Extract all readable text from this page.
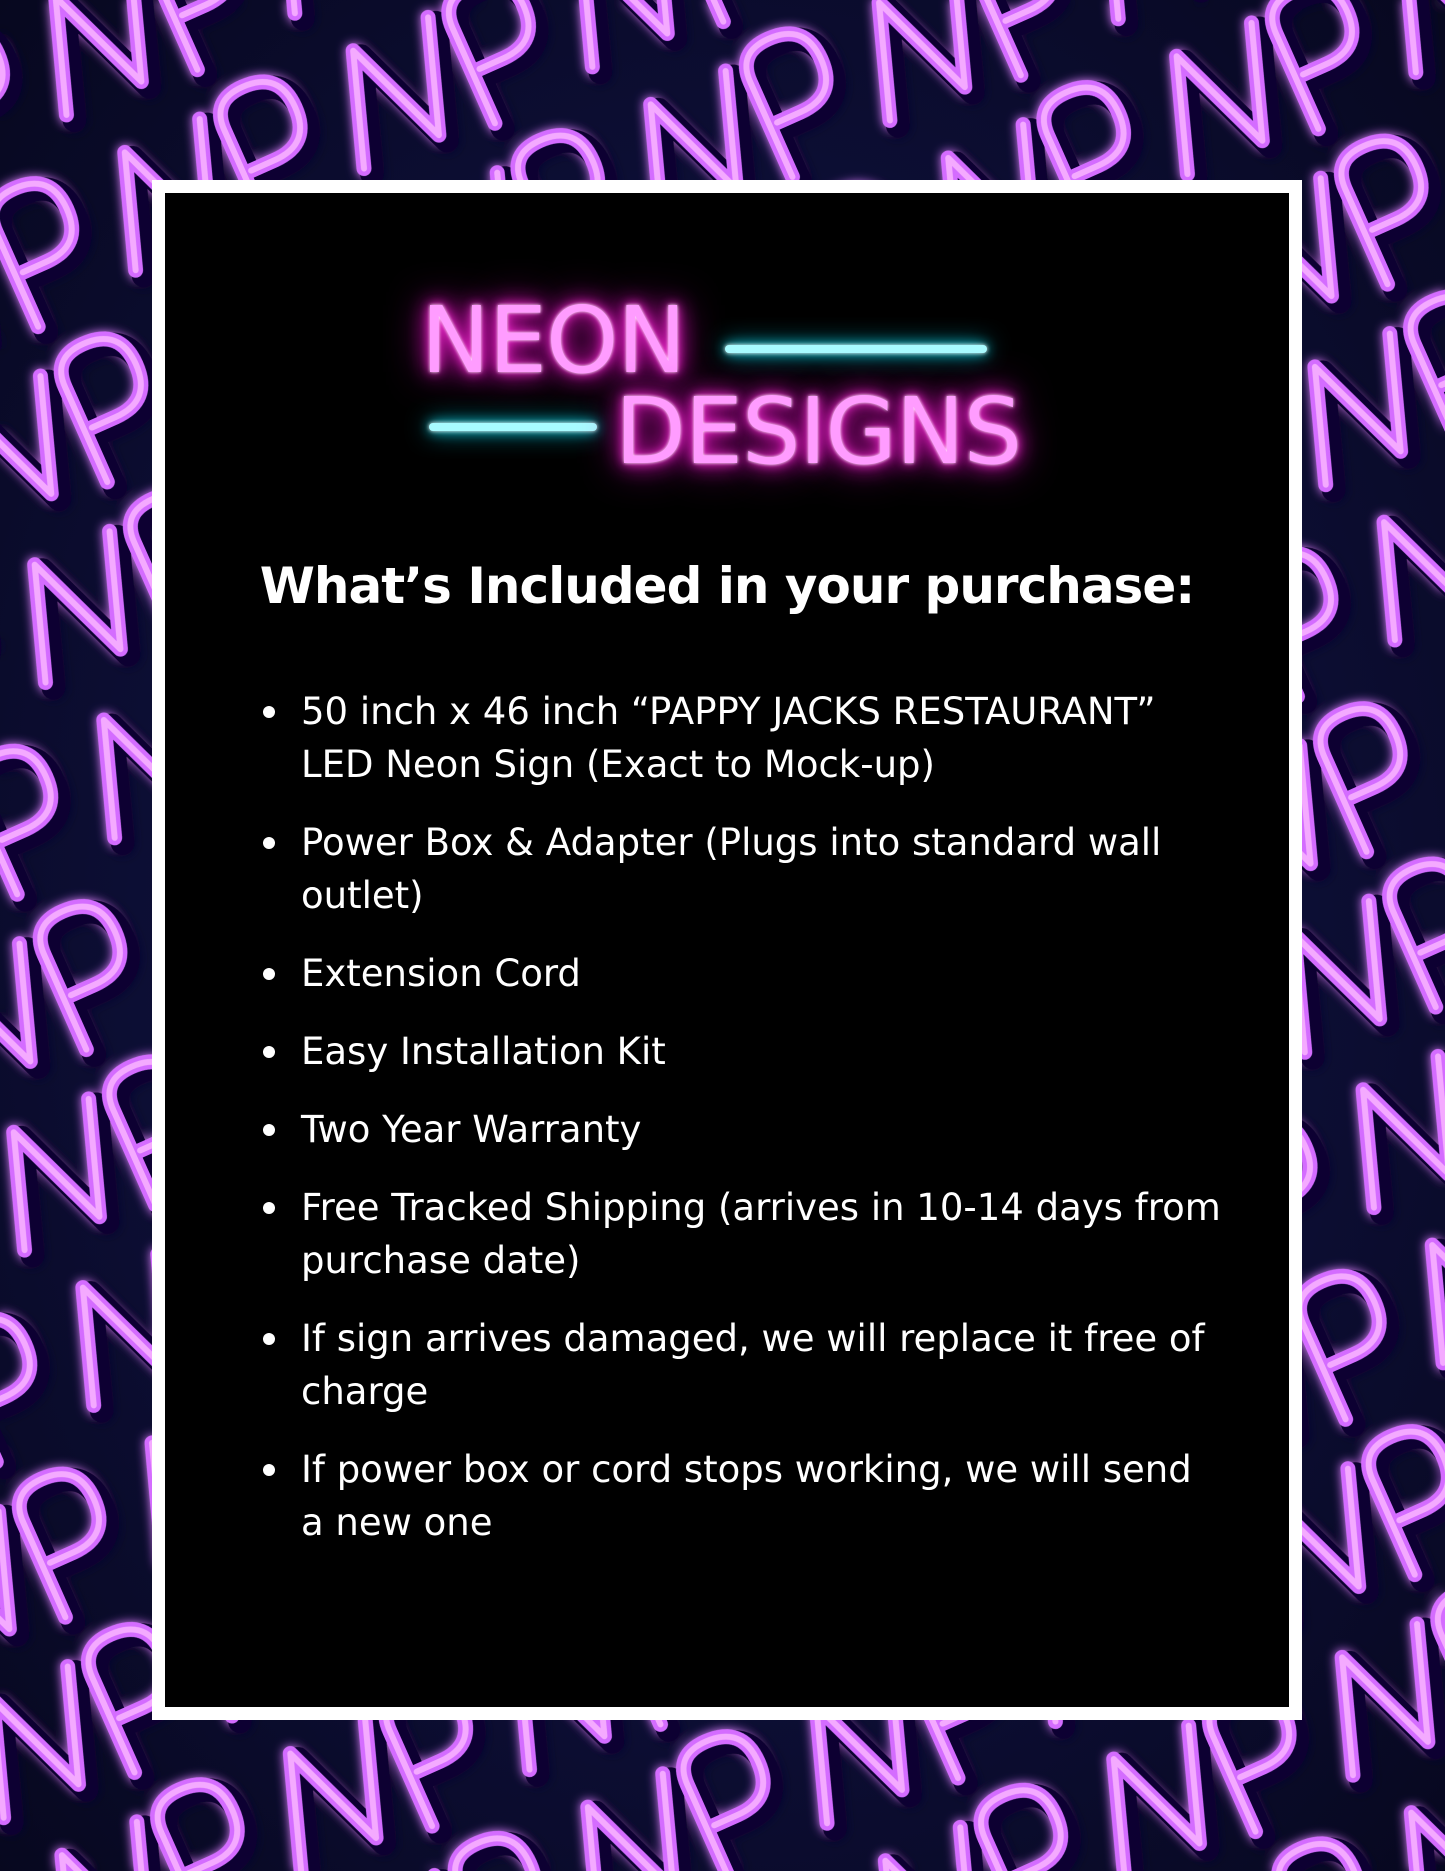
NEON
DESIGNS
What’s Included in your purchase:
50 inch x 46 inch “PAPPY JACKS RESTAURANT” LED Neon Sign (Exact to Mock-up)
Power Box & Adapter (Plugs into standard wall outlet)
Extension Cord
Easy Installation Kit
Two Year Warranty
Free Tracked Shipping (arrives in 10-14 days from purchase date)
If sign arrives damaged, we will replace it free of charge
If power box or cord stops working, we will send a new one
